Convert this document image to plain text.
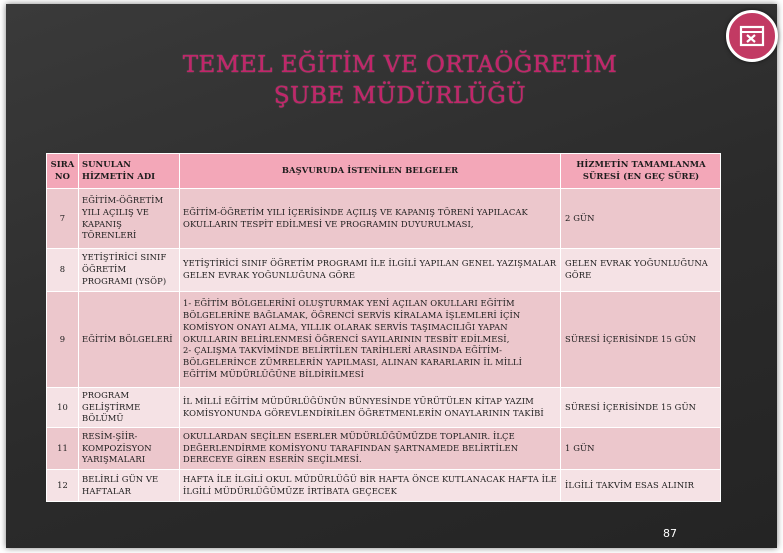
TEMEL EĞİTİM VE ORTAÖĞRETİM
ŞUBE MÜDÜRLÜĞÜ
SIRA NO	SUNULAN HİZMETİN ADI	BAŞVURUDA İSTENİLEN BELGELER	HİZMETİN TAMAMLANMA SÜRESİ (EN GEÇ SÜRE)
7	EĞİTİM-ÖĞRETİM YILI AÇILIŞ VE KAPANIŞ TÖRENLERİ	EĞİTİM-ÖĞRETİM YILI İÇERİSİNDE AÇILIŞ VE KAPANIŞ TÖRENİ YAPILACAK OKULLARIN TESPİT EDİLMESİ VE PROGRAMIN DUYURULMASI,	2 GÜN
8	YETİŞTİRİCİ SINIF ÖĞRETİM PROGRAMI (YSÖP)	YETİŞTİRİCİ SINIF ÖĞRETİM PROGRAMI İLE İLGİLİ YAPILAN GENEL YAZIŞMALAR GELEN EVRAK YOĞUNLUĞUNA GÖRE	GELEN EVRAK YOĞUNLUĞUNA GÖRE
9	EĞİTİM BÖLGELERİ	1- EĞİTİM BÖLGELERİNİ OLUŞTURMAK YENİ AÇILAN OKULLARI EĞİTİM BÖLGELERİNE BAĞLAMAK, ÖĞRENCİ SERVİS KİRALAMA İŞLEMLERİ İÇİN KOMİSYON ONAYI ALMA, YILLIK OLARAK SERVİS TAŞIMACILIĞI YAPAN OKULLARIN BELİRLENMESİ ÖĞRENCİ SAYILARININ TESBİT EDİLMESİ,
2- ÇALIŞMA TAKVİMİNDE BELİRTİLEN TARİHLERİ ARASINDA EĞİTİM-BÖLGELERİNCE ZÜMRELERİN YAPILMASI, ALINAN KARARLARIN İL MİLLİ EĞİTİM MÜDÜRLÜĞÜNE BİLDİRİLMESİ	SÜRESİ İÇERİSİNDE 15 GÜN
10	PROGRAM GELİŞTİRME BÖLÜMÜ	İL MİLLİ EĞİTİM MÜDÜRLÜĞÜNÜN BÜNYESİNDE YÜRÜTÜLEN KİTAP YAZIM KOMİSYONUNDA GÖREVLENDİRİLEN ÖĞRETMENLERİN ONAYLARININ TAKİBİ	SÜRESİ İÇERİSİNDE 15 GÜN
11	RESİM-ŞİİR-KOMPOZİSYON YARIŞMALARI	OKULLARDAN SEÇİLEN ESERLER MÜDÜRLÜĞÜMÜZDE TOPLANIR. İLÇE DEĞERLENDİRME KOMİSYONU TARAFINDAN ŞARTNAMEDE BELİRTİLEN DERECEYE GİREN ESERİN SEÇİLMESİ.	1 GÜN
12	BELİRLİ GÜN VE HAFTALAR	HAFTA İLE İLGİLİ OKUL MÜDÜRLÜĞÜ BİR HAFTA ÖNCE KUTLANACAK HAFTA İLE İLGİLİ MÜDÜRLÜĞÜMÜZE İRTİBATA GEÇECEK	İLGİLİ TAKVİM ESAS ALINIR
87
